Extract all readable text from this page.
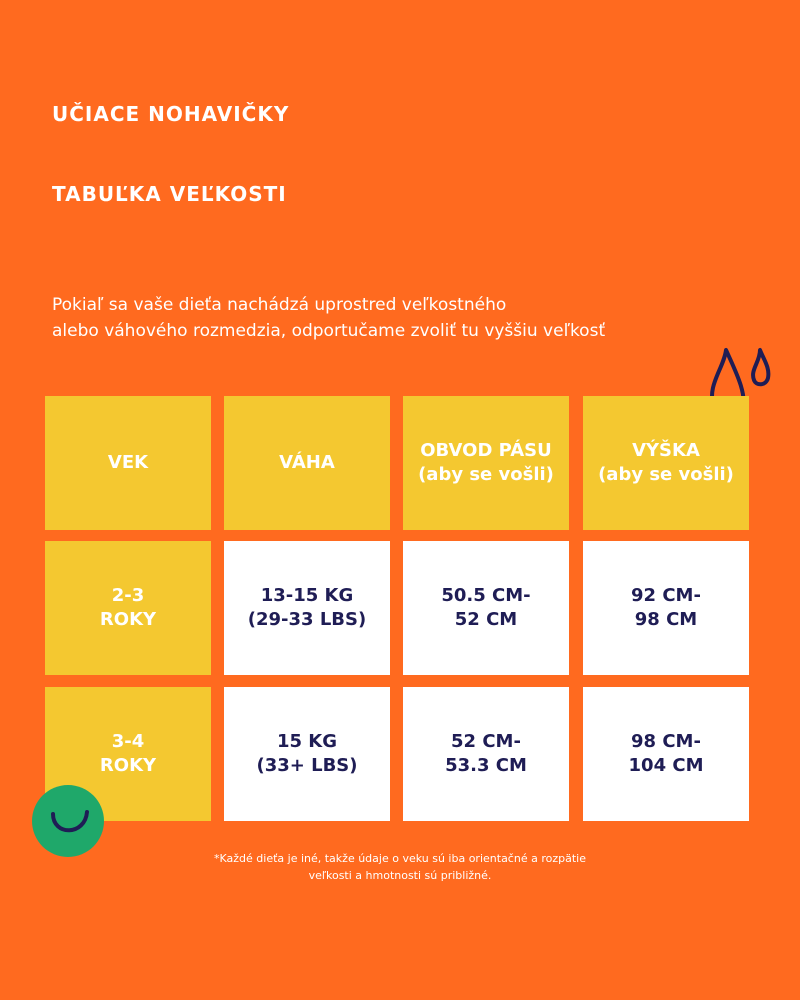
UČIACE NOHAVIČKY
TABUĽKA VEĽKOSTI

Pokiaľ sa vaše dieťa nachádzá uprostred veľkostného
alebo váhového rozmedzia, odportučame zvoliť tu vyššiu veľkosť

VEK	VÁHA
OBVOD PÁSU
(aby se vošli)
VÝŠKA
(aby se vošli)
2-3
ROKY
13-15 KG
(29-33 LBS)
50.5 CM-
52 CM
92 CM-
98 CM
3-4
ROKY
15 KG
(33+ LBS)
52 CM-
53.3 CM
98 CM-
104 CM
*Každé dieťa je iné, takže údaje o veku sú iba orientačné a rozpätie
veľkosti a hmotnosti sú približné.
